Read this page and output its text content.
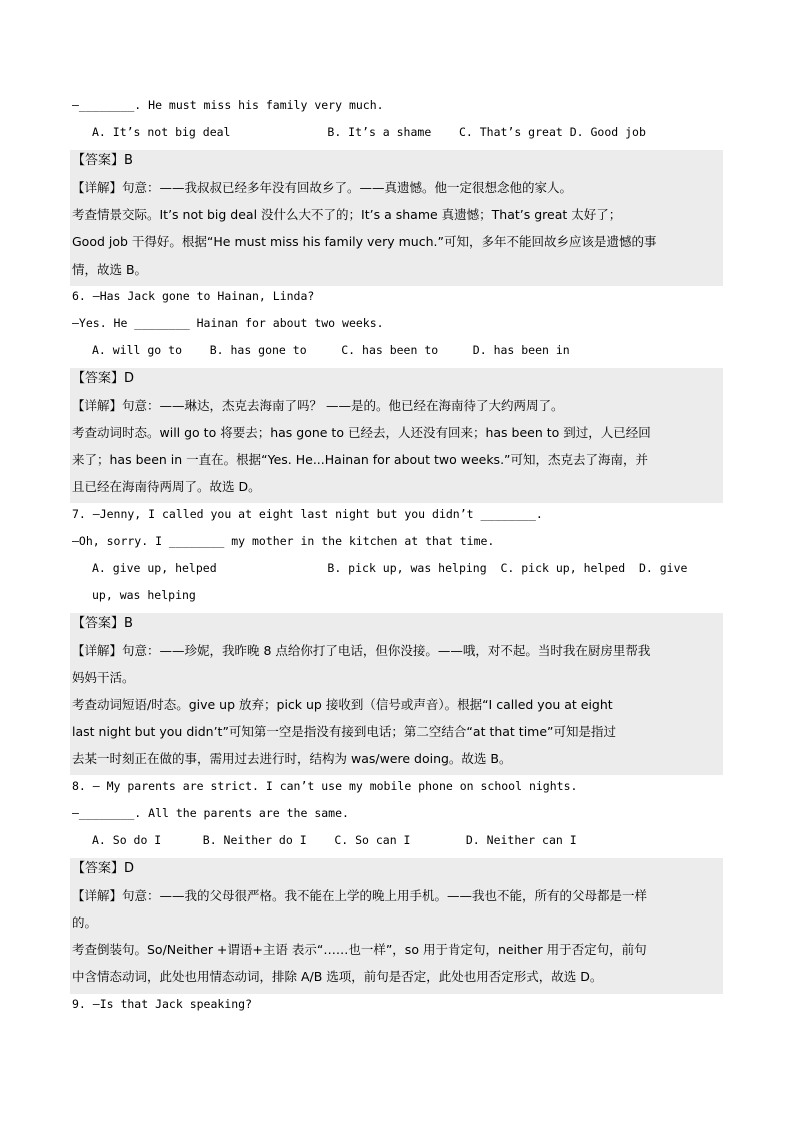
—________. He must miss his family very much.
A. It’s not big deal              B. It’s a shame    C. That’s great D. Good job
【答案】B
【详解】句意：——我叔叔已经多年没有回故乡了。——真遗憾。他一定很想念他的家人。
考查情景交际。It’s not big deal 没什么大不了的；It’s a shame 真遗憾；That’s great 太好了；
Good job 干得好。根据“He must miss his family very much.”可知，多年不能回故乡应该是遗憾的事
情，故选 B。
6. —Has Jack gone to Hainan, Linda?
—Yes. He ________ Hainan for about two weeks.
A. will go to    B. has gone to     C. has been to     D. has been in
【答案】D
【详解】句意：——琳达，杰克去海南了吗？ ——是的。他已经在海南待了大约两周了。
考查动词时态。will go to 将要去；has gone to 已经去，人还没有回来；has been to 到过，人已经回
来了；has been in 一直在。根据“Yes. He...Hainan for about two weeks.”可知，杰克去了海南，并
且已经在海南待两周了。故选 D。
7. —Jenny, I called you at eight last night but you didn’t ________.
—Oh, sorry. I ________ my mother in the kitchen at that time.
A. give up, helped                B. pick up, was helping  C. pick up, helped  D. give
up, was helping
【答案】B
【详解】句意：——珍妮，我昨晚 8 点给你打了电话，但你没接。——哦，对不起。当时我在厨房里帮我
妈妈干活。
考查动词短语/时态。give up 放弃；pick up 接收到（信号或声音）。根据“I called you at eight
last night but you didn’t”可知第一空是指没有接到电话；第二空结合“at that time”可知是指过
去某一时刻正在做的事，需用过去进行时，结构为 was/were doing。故选 B。
8. — My parents are strict. I can’t use my mobile phone on school nights.
—________. All the parents are the same.
A. So do I      B. Neither do I    C. So can I        D. Neither can I
【答案】D
【详解】句意：——我的父母很严格。我不能在上学的晚上用手机。——我也不能，所有的父母都是一样
的。
考查倒装句。So/Neither +谓语+主语 表示“……也一样”，so 用于肯定句，neither 用于否定句，前句
中含情态动词，此处也用情态动词，排除 A/B 选项，前句是否定，此处也用否定形式，故选 D。
9. —Is that Jack speaking?
